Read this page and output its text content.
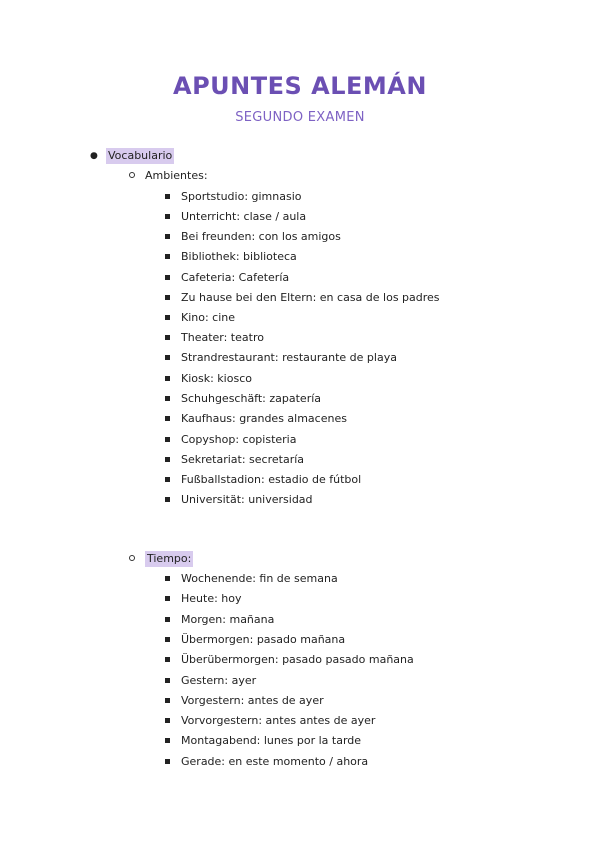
APUNTES ALEMÁN
SEGUNDO EXAMEN
● Vocabulario
Ambientes:
Sportstudio: gimnasio
Unterricht: clase / aula
Bei freunden: con los amigos
Bibliothek: biblioteca
Cafeteria: Cafetería
Zu hause bei den Eltern: en casa de los padres
Kino: cine
Theater: teatro
Strandrestaurant: restaurante de playa
Kiosk: kiosco
Schuhgeschäft: zapatería
Kaufhaus: grandes almacenes
Copyshop: copisteria
Sekretariat: secretaría
Fußballstadion: estadio de fútbol
Universität: universidad
Tiempo:
Wochenende: fin de semana
Heute: hoy
Morgen: mañana
Übermorgen: pasado mañana
Überübermorgen: pasado pasado mañana
Gestern: ayer
Vorgestern: antes de ayer
Vorvorgestern: antes antes de ayer
Montagabend: lunes por la tarde
Gerade: en este momento / ahora
